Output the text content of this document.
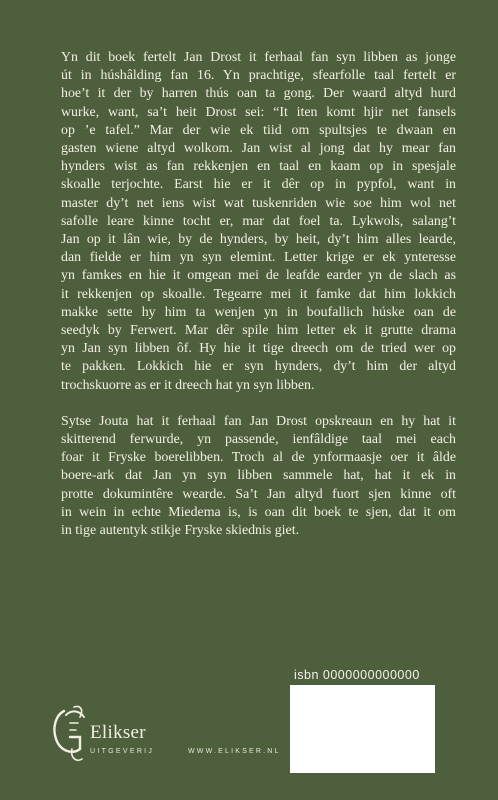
Yn dit boek fertelt Jan Drost it ferhaal fan syn libben as jonge
út in húshâlding fan 16. Yn prachtige, sfearfolle taal fertelt er
hoe’t it der by harren thús oan ta gong. Der waard altyd hurd
wurke, want, sa’t heit Drost sei: “It iten komt hjir net fansels
op ’e tafel.” Mar der wie ek tiid om spultsjes te dwaan en
gasten wiene altyd wolkom. Jan wist al jong dat hy mear fan
hynders wist as fan rekkenjen en taal en kaam op in spesjale
skoalle terjochte. Earst hie er it dêr op in pypfol, want in
master dy’t net iens wist wat tuskenriden wie soe him wol net
safolle leare kinne tocht er, mar dat foel ta. Lykwols, salang’t
Jan op it lân wie, by de hynders, by heit, dy’t him alles learde,
dan fielde er him yn syn elemint. Letter krige er ek ynteresse
yn famkes en hie it omgean mei de leafde earder yn de slach as
it rekkenjen op skoalle. Tegearre mei it famke dat him lokkich
makke sette hy him ta wenjen yn in boufallich húske oan de
seedyk by Ferwert. Mar dêr spile him letter ek it grutte drama
yn Jan syn libben ôf. Hy hie it tige dreech om de tried wer op
te pakken. Lokkich hie er syn hynders, dy’t him der altyd
trochskuorre as er it dreech hat yn syn libben.

Sytse Jouta hat it ferhaal fan Jan Drost opskreaun en hy hat it
skitterend ferwurde, yn passende, ienfâldige taal mei each
foar it Fryske boerelibben. Troch al de ynformaasje oer it âlde
boere-ark dat Jan yn syn libben sammele hat, hat it ek in
protte dokumintêre wearde. Sa’t Jan altyd fuort sjen kinne oft
in wein in echte Miedema is, is oan dit boek te sjen, dat it om
in tige autentyk stikje Fryske skiednis giet.

isbn 0000000000000
Elikser
UITGEVERIJ	WWW.ELIKSER.NL
